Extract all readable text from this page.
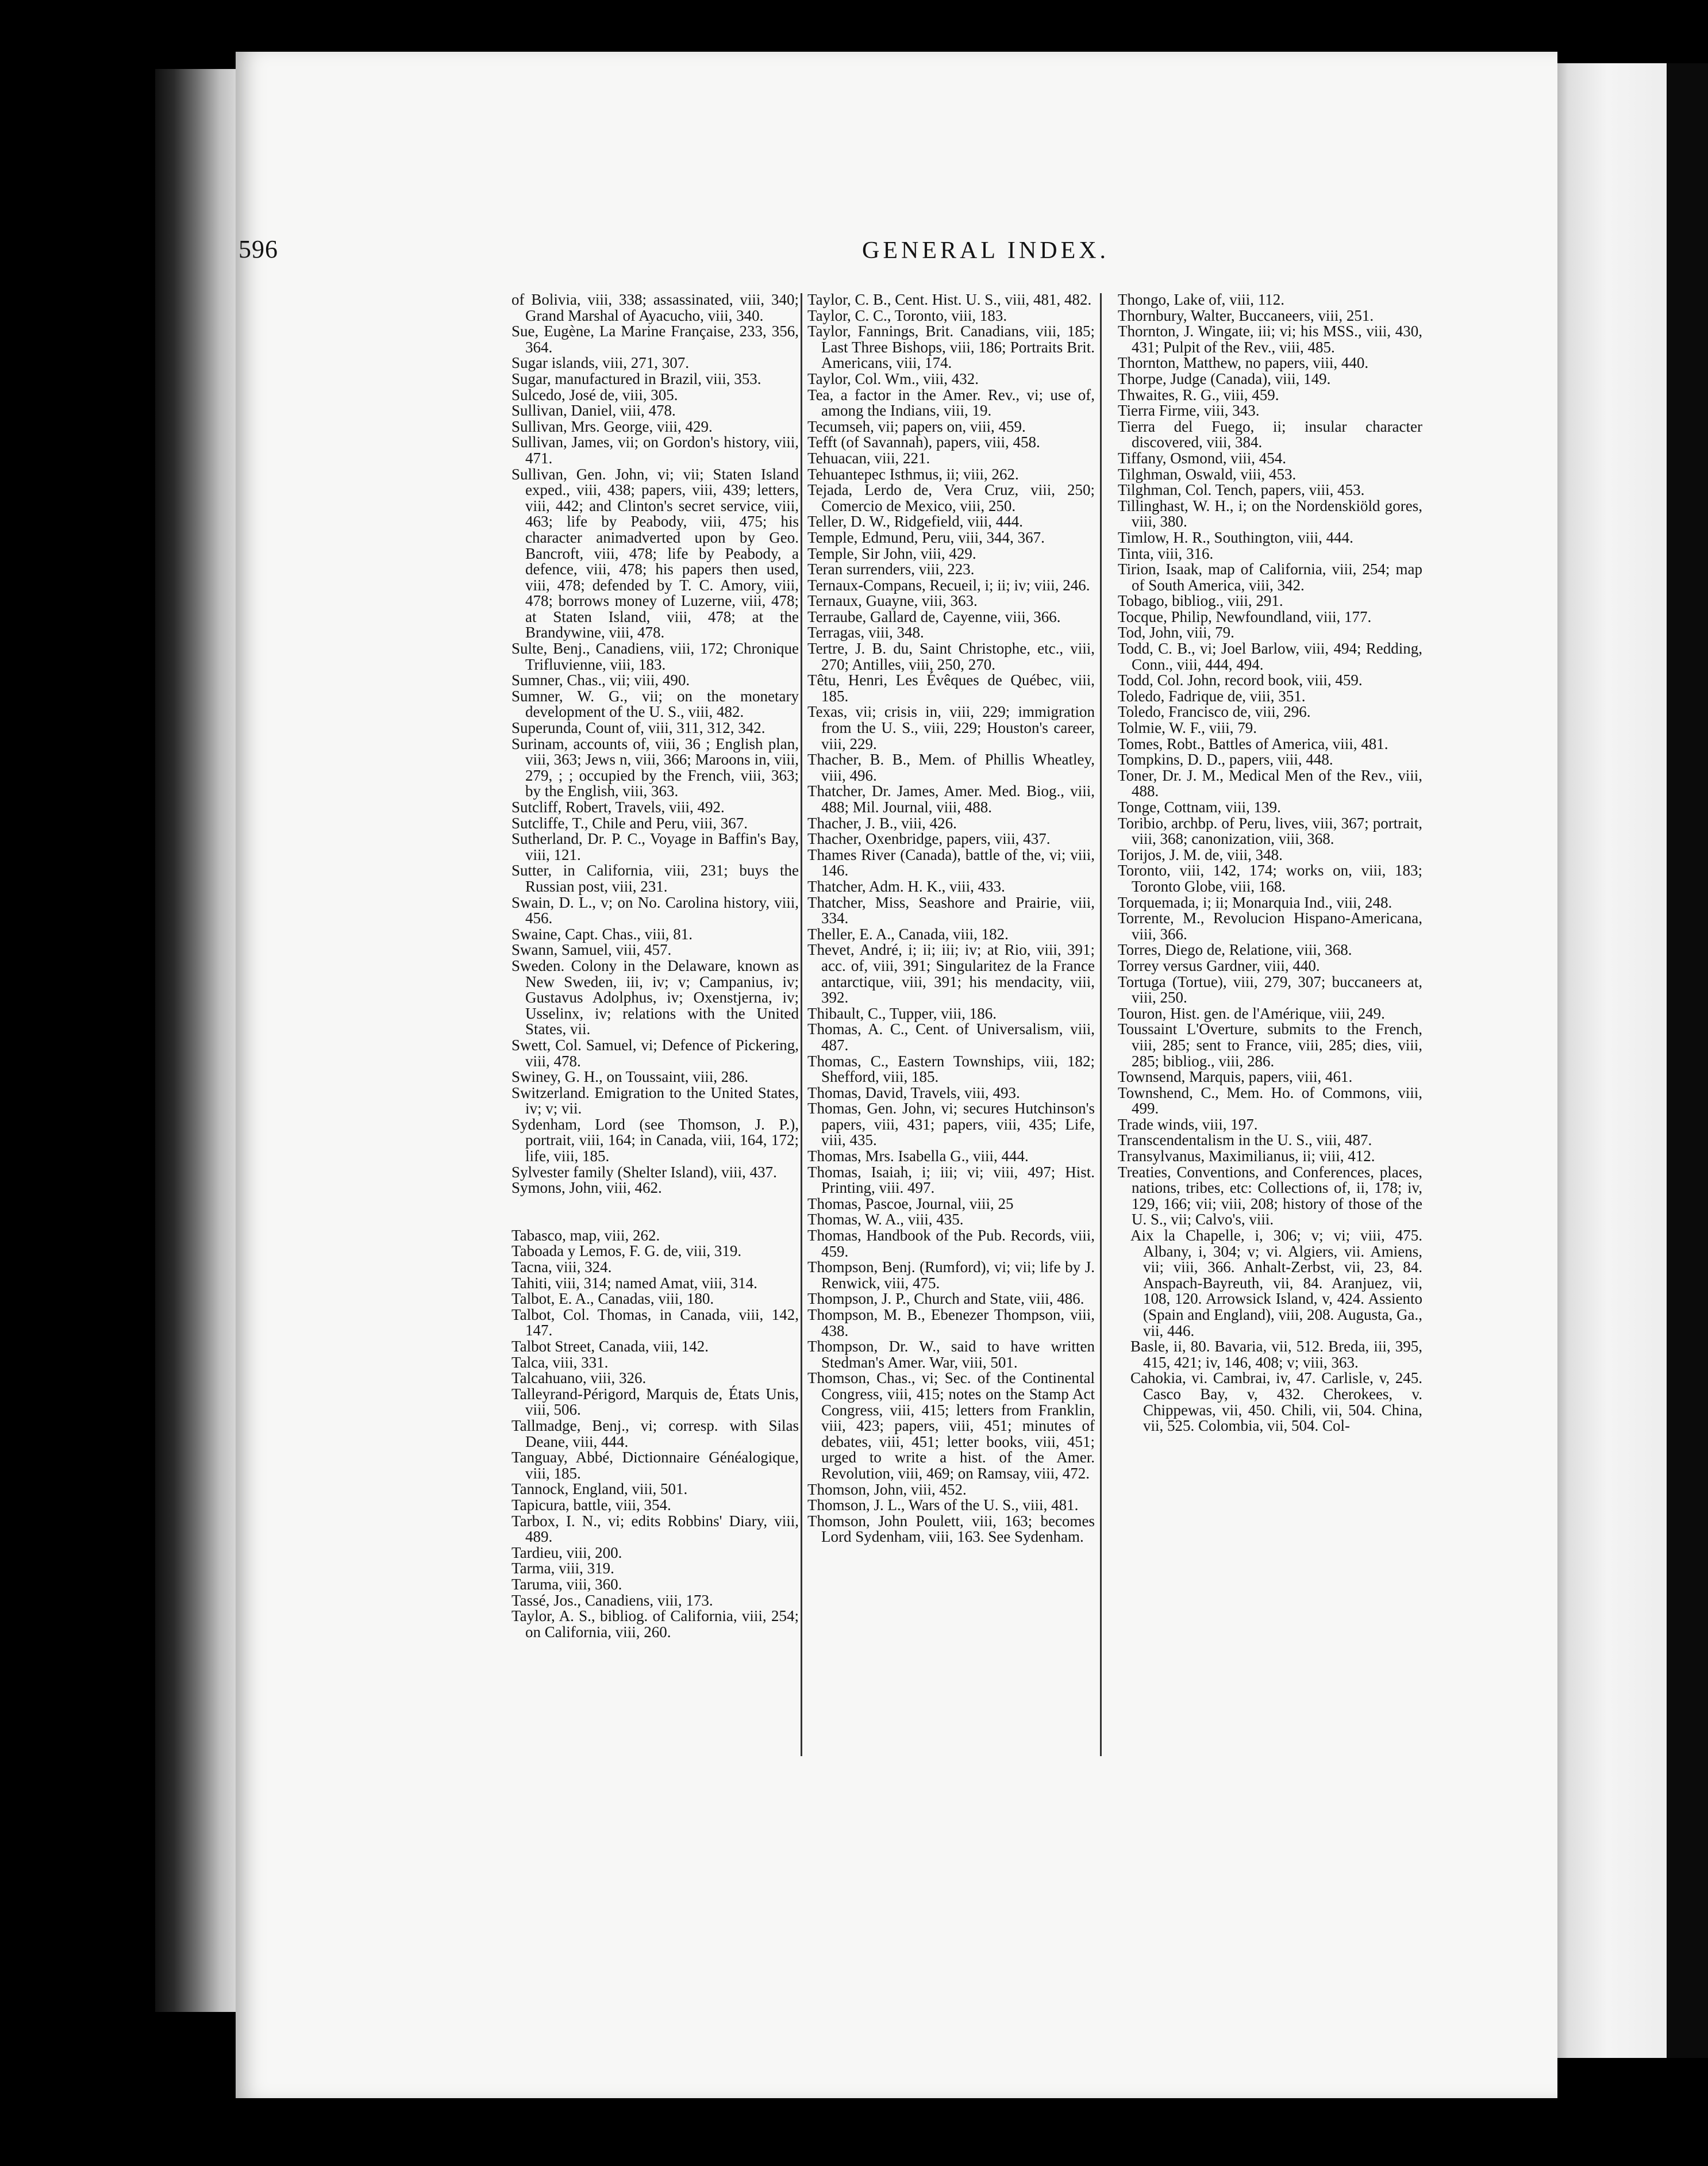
596	GENERAL INDEX.

of Bolivia, viii, 338; assassinated, viii, 340; Grand Marshal of Ayacucho, viii, 340.

Sue, Eugène, La Marine Française, 233, 356, 364.

Sugar islands, viii, 271, 307.

Sugar, manufactured in Brazil, viii, 353.

Sulcedo, José de, viii, 305.

Sullivan, Daniel, viii, 478.

Sullivan, Mrs. George, viii, 429.

Sullivan, James, vii; on Gordon's history, viii, 471.

Sullivan, Gen. John, vi; vii; Staten Island exped., viii, 438; papers, viii, 439; letters, viii, 442; and Clinton's secret service, viii, 463; life by Peabody, viii, 475; his character animadverted upon by Geo. Bancroft, viii, 478; life by Peabody, a defence, viii, 478; his papers then used, viii, 478; defended by T. C. Amory, viii, 478; borrows money of Luzerne, viii, 478; at Staten Island, viii, 478; at the Brandywine, viii, 478.

Sulte, Benj., Canadiens, viii, 172; Chronique Trifluvienne, viii, 183.

Sumner, Chas., vii; viii, 490.

Sumner, W. G., vii; on the monetary development of the U. S., viii, 482.

Superunda, Count of, viii, 311, 312, 342.

Surinam, accounts of, viii, 36 ; English plan, viii, 363; Jews n, viii, 366; Maroons in, viii, 279, ; ; occupied by the French, viii, 363; by the English, viii, 363.

Sutcliff, Robert, Travels, viii, 492.

Sutcliffe, T., Chile and Peru, viii, 367.

Sutherland, Dr. P. C., Voyage in Baffin's Bay, viii, 121.

Sutter, in California, viii, 231; buys the Russian post, viii, 231.

Swain, D. L., v; on No. Carolina history, viii, 456.

Swaine, Capt. Chas., viii, 81.

Swann, Samuel, viii, 457.

Sweden. Colony in the Delaware, known as New Sweden, iii, iv; v; Campanius, iv; Gustavus Adolphus, iv; Oxenstjerna, iv; Usselinx, iv; relations with the United States, vii.

Swett, Col. Samuel, vi; Defence of Pickering, viii, 478.

Swiney, G. H., on Toussaint, viii, 286.

Switzerland. Emigration to the United States, iv; v; vii.

Sydenham, Lord (see Thomson, J. P.), portrait, viii, 164; in Canada, viii, 164, 172; life, viii, 185.

Sylvester family (Shelter Island), viii, 437.

Symons, John, viii, 462.

Tabasco, map, viii, 262.

Taboada y Lemos, F. G. de, viii, 319.

Tacna, viii, 324.

Tahiti, viii, 314; named Amat, viii, 314.

Talbot, E. A., Canadas, viii, 180.

Talbot, Col. Thomas, in Canada, viii, 142, 147.

Talbot Street, Canada, viii, 142.

Talca, viii, 331.

Talcahuano, viii, 326.

Talleyrand-Périgord, Marquis de, États Unis, viii, 506.

Tallmadge, Benj., vi; corresp. with Silas Deane, viii, 444.

Tanguay, Abbé, Dictionnaire Généalogique, viii, 185.

Tannock, England, viii, 501.

Tapicura, battle, viii, 354.

Tarbox, I. N., vi; edits Robbins' Diary, viii, 489.

Tardieu, viii, 200.

Tarma, viii, 319.

Taruma, viii, 360.

Tassé, Jos., Canadiens, viii, 173.

Taylor, A. S., bibliog. of California, viii, 254; on California, viii, 260.

Taylor, C. B., Cent. Hist. U. S., viii, 481, 482.

Taylor, C. C., Toronto, viii, 183.

Taylor, Fannings, Brit. Canadians, viii, 185; Last Three Bishops, viii, 186; Portraits Brit. Americans, viii, 174.

Taylor, Col. Wm., viii, 432.

Tea, a factor in the Amer. Rev., vi; use of, among the Indians, viii, 19.

Tecumseh, vii; papers on, viii, 459.

Tefft (of Savannah), papers, viii, 458.

Tehuacan, viii, 221.

Tehuantepec Isthmus, ii; viii, 262.

Tejada, Lerdo de, Vera Cruz, viii, 250; Comercio de Mexico, viii, 250.

Teller, D. W., Ridgefield, viii, 444.

Temple, Edmund, Peru, viii, 344, 367.

Temple, Sir John, viii, 429.

Teran surrenders, viii, 223.

Ternaux-Compans, Recueil, i; ii; iv; viii, 246.

Ternaux, Guayne, viii, 363.

Terraube, Gallard de, Cayenne, viii, 366.

Terragas, viii, 348.

Tertre, J. B. du, Saint Christophe, etc., viii, 270; Antilles, viii, 250, 270.

Têtu, Henri, Les Évêques de Québec, viii, 185.

Texas, vii; crisis in, viii, 229; immigration from the U. S., viii, 229; Houston's career, viii, 229.

Thacher, B. B., Mem. of Phillis Wheatley, viii, 496.

Thatcher, Dr. James, Amer. Med. Biog., viii, 488; Mil. Journal, viii, 488.

Thacher, J. B., viii, 426.

Thacher, Oxenbridge, papers, viii, 437.

Thames River (Canada), battle of the, vi; viii, 146.

Thatcher, Adm. H. K., viii, 433.

Thatcher, Miss, Seashore and Prairie, viii, 334.

Theller, E. A., Canada, viii, 182.

Thevet, André, i; ii; iii; iv; at Rio, viii, 391; acc. of, viii, 391; Singularitez de la France antarctique, viii, 391; his mendacity, viii, 392.

Thibault, C., Tupper, viii, 186.

Thomas, A. C., Cent. of Universalism, viii, 487.

Thomas, C., Eastern Townships, viii, 182; Shefford, viii, 185.

Thomas, David, Travels, viii, 493.

Thomas, Gen. John, vi; secures Hutchinson's papers, viii, 431; papers, viii, 435; Life, viii, 435.

Thomas, Mrs. Isabella G., viii, 444.

Thomas, Isaiah, i; iii; vi; viii, 497; Hist. Printing, viii. 497.

Thomas, Pascoe, Journal, viii, 25

Thomas, W. A., viii, 435.

Thomas, Handbook of the Pub. Records, viii, 459.

Thompson, Benj. (Rumford), vi; vii; life by J. Renwick, viii, 475.

Thompson, J. P., Church and State, viii, 486.

Thompson, M. B., Ebenezer Thompson, viii, 438.

Thompson, Dr. W., said to have written Stedman's Amer. War, viii, 501.

Thomson, Chas., vi; Sec. of the Continental Congress, viii, 415; notes on the Stamp Act Congress, viii, 415; letters from Franklin, viii, 423; papers, viii, 451; minutes of debates, viii, 451; letter books, viii, 451; urged to write a hist. of the Amer. Revolution, viii, 469; on Ramsay, viii, 472.

Thomson, John, viii, 452.

Thomson, J. L., Wars of the U. S., viii, 481.

Thomson, John Poulett, viii, 163; becomes Lord Sydenham, viii, 163. See Sydenham.

Thongo, Lake of, viii, 112.

Thornbury, Walter, Buccaneers, viii, 251.

Thornton, J. Wingate, iii; vi; his MSS., viii, 430, 431; Pulpit of the Rev., viii, 485.

Thornton, Matthew, no papers, viii, 440.

Thorpe, Judge (Canada), viii, 149.

Thwaites, R. G., viii, 459.

Tierra Firme, viii, 343.

Tierra del Fuego, ii; insular character discovered, viii, 384.

Tiffany, Osmond, viii, 454.

Tilghman, Oswald, viii, 453.

Tilghman, Col. Tench, papers, viii, 453.

Tillinghast, W. H., i; on the Nordenskiöld gores, viii, 380.

Timlow, H. R., Southington, viii, 444.

Tinta, viii, 316.

Tirion, Isaak, map of California, viii, 254; map of South America, viii, 342.

Tobago, bibliog., viii, 291.

Tocque, Philip, Newfoundland, viii, 177.

Tod, John, viii, 79.

Todd, C. B., vi; Joel Barlow, viii, 494; Redding, Conn., viii, 444, 494.

Todd, Col. John, record book, viii, 459.

Toledo, Fadrique de, viii, 351.

Toledo, Francisco de, viii, 296.

Tolmie, W. F., viii, 79.

Tomes, Robt., Battles of America, viii, 481.

Tompkins, D. D., papers, viii, 448.

Toner, Dr. J. M., Medical Men of the Rev., viii, 488.

Tonge, Cottnam, viii, 139.

Toribio, archbp. of Peru, lives, viii, 367; portrait, viii, 368; canonization, viii, 368.

Torijos, J. M. de, viii, 348.

Toronto, viii, 142, 174; works on, viii, 183; Toronto Globe, viii, 168.

Torquemada, i; ii; Monarquia Ind., viii, 248.

Torrente, M., Revolucion Hispano-Americana, viii, 366.

Torres, Diego de, Relatione, viii, 368.

Torrey versus Gardner, viii, 440.

Tortuga (Tortue), viii, 279, 307; buccaneers at, viii, 250.

Touron, Hist. gen. de l'Amérique, viii, 249.

Toussaint L'Overture, submits to the French, viii, 285; sent to France, viii, 285; dies, viii, 285; bibliog., viii, 286.

Townsend, Marquis, papers, viii, 461.

Townshend, C., Mem. Ho. of Commons, viii, 499.

Trade winds, viii, 197.

Transcendentalism in the U. S., viii, 487.

Transylvanus, Maximilianus, ii; viii, 412.

Treaties, Conventions, and Conferences, places, nations, tribes, etc: Collections of, ii, 178; iv, 129, 166; vii; viii, 208; history of those of the U. S., vii; Calvo's, viii.

Aix la Chapelle, i, 306; v; vi; viii, 475. Albany, i, 304; v; vi. Algiers, vii. Amiens, vii; viii, 366. Anhalt-Zerbst, vii, 23, 84. Anspach-Bayreuth, vii, 84. Aranjuez, vii, 108, 120. Arrowsick Island, v, 424. Assiento (Spain and England), viii, 208. Augusta, Ga., vii, 446.

Basle, ii, 80. Bavaria, vii, 512. Breda, iii, 395, 415, 421; iv, 146, 408; v; viii, 363.

Cahokia, vi. Cambrai, iv, 47. Carlisle, v, 245. Casco Bay, v, 432. Cherokees, v. Chippewas, vii, 450. Chili, vii, 504. China, vii, 525. Colombia, vii, 504. Col-
